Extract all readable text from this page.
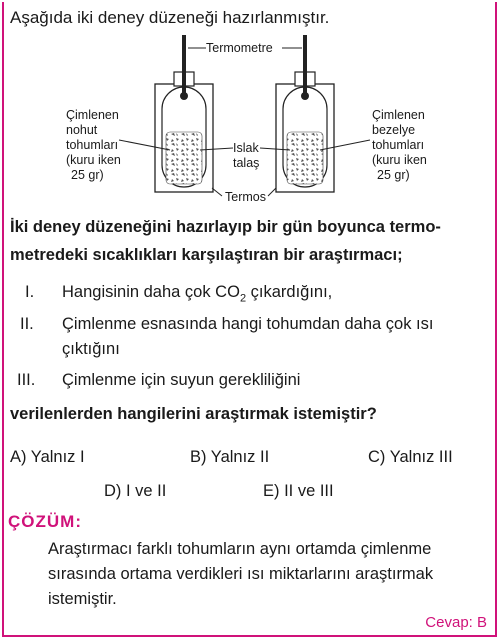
Aşağıda iki deney düzeneği hazırlanmıştır.
Termometre
Çimlenen
nohut
tohumları
(kuru iken
25 gr)
Islak
talaş
Termos
Çimlenen
bezelye
tohumları
(kuru iken
25 gr)
İki deney düzeneğini hazırlayıp bir gün boyunca termo-
metredeki sıcaklıkları karşılaştıran bir araştırmacı;
I. Hangisinin daha çok $CO_2$ çıkardığını,
II. Çimlenme esnasında hangi tohumdan daha çok ısı
çıktığını
III. Çimlenme için suyun gerekliliğini
verilenlerden hangilerini araştırmak istemiştir?
A) Yalnız I	B) Yalnız II	C) Yalnız III
D) I ve II	E) II ve III
ÇÖZÜM:
Araştırmacı farklı tohumların aynı ortamda çimlenme
sırasında ortama verdikleri ısı miktarlarını araştırmak
istemiştir.
Cevap: B
